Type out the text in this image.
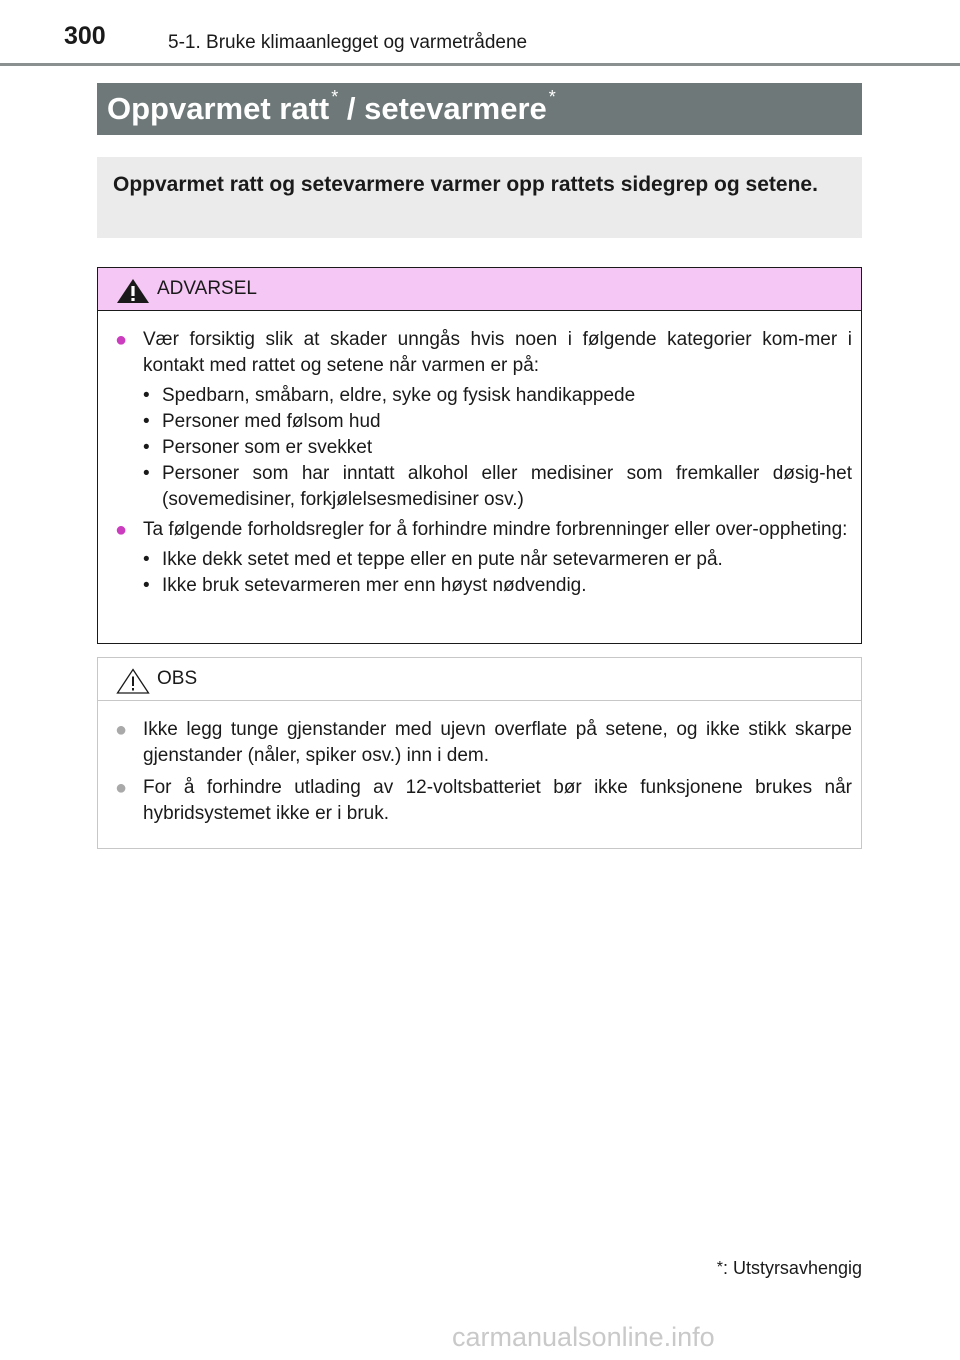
300	5-1. Bruke klimaanlegget og varmetrådene
Oppvarmet ratt * / setevarmere *
Oppvarmet ratt og setevarmere varmer opp rattets sidegrep og setene.
ADVARSEL
● Vær forsiktig slik at skader unngås hvis noen i følgende kategorier kom-mer i kontakt med rattet og setene når varmen er på:
• Spedbarn, småbarn, eldre, syke og fysisk handikappede
• Personer med følsom hud
• Personer som er svekket
• Personer som har inntatt alkohol eller medisiner som fremkaller døsig-het (sovemedisiner, forkjølelsesmedisiner osv.)
● Ta følgende forholdsregler for å forhindre mindre forbrenninger eller over-oppheting:
• Ikke dekk setet med et teppe eller en pute når setevarmeren er på.
• Ikke bruk setevarmeren mer enn høyst nødvendig.
OBS
● Ikke legg tunge gjenstander med ujevn overflate på setene, og ikke stikk skarpe gjenstander (nåler, spiker osv.) inn i dem.
● For å forhindre utlading av 12-voltsbatteriet bør ikke funksjonene brukes når hybridsystemet ikke er i bruk.
*: Utstyrsavhengig
carmanualsonline.info
